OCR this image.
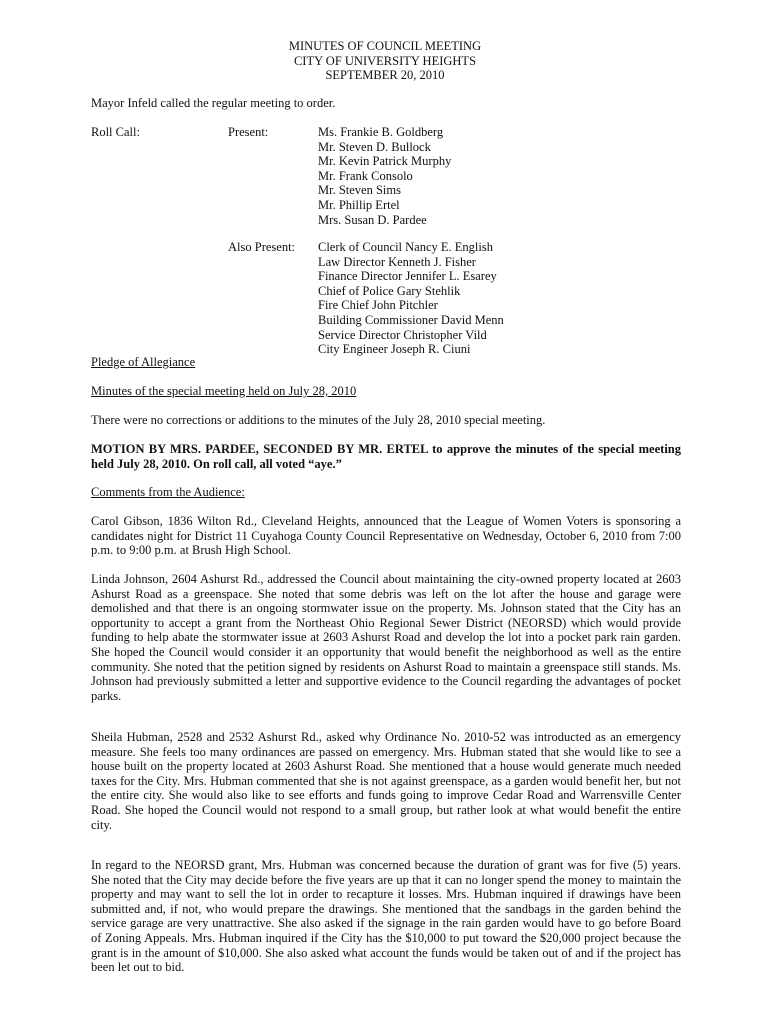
MINUTES OF COUNCIL MEETING
CITY OF UNIVERSITY HEIGHTS
SEPTEMBER 20, 2010
Mayor Infeld called the regular meeting to order.
Roll Call:	Present:	Ms. Frankie B. Goldberg
Mr. Steven D. Bullock
Mr. Kevin Patrick Murphy
Mr. Frank Consolo
Mr. Steven Sims
Mr. Phillip Ertel
Mrs. Susan D. Pardee
Also Present: Clerk of Council Nancy E. English
Law Director Kenneth J. Fisher
Finance Director Jennifer L. Esarey
Chief of Police Gary Stehlik
Fire Chief John Pitchler
Building Commissioner David Menn
Service Director Christopher Vild
City Engineer Joseph R. Ciuni
Pledge of Allegiance
Minutes of the special meeting held on July 28, 2010
There were no corrections or additions to the minutes of the July 28, 2010 special meeting.
MOTION BY MRS. PARDEE, SECONDED BY MR. ERTEL to approve the minutes of the special meeting held July 28, 2010. On roll call, all voted “aye.”
Comments from the Audience:
Carol Gibson, 1836 Wilton Rd., Cleveland Heights, announced that the League of Women Voters is sponsoring a candidates night for District 11 Cuyahoga County Council Representative on Wednesday, October 6, 2010 from 7:00 p.m. to 9:00 p.m. at Brush High School.
Linda Johnson, 2604 Ashurst Rd., addressed the Council about maintaining the city-owned property located at 2603 Ashurst Road as a greenspace. She noted that some debris was left on the lot after the house and garage were demolished and that there is an ongoing stormwater issue on the property. Ms. Johnson stated that the City has an opportunity to accept a grant from the Northeast Ohio Regional Sewer District (NEORSD) which would provide funding to help abate the stormwater issue at 2603 Ashurst Road and develop the lot into a pocket park rain garden. She hoped the Council would consider it an opportunity that would benefit the neighborhood as well as the entire community. She noted that the petition signed by residents on Ashurst Road to maintain a greenspace still stands. Ms. Johnson had previously submitted a letter and supportive evidence to the Council regarding the advantages of pocket parks.
Sheila Hubman, 2528 and 2532 Ashurst Rd., asked why Ordinance No. 2010-52 was introducted as an emergency measure. She feels too many ordinances are passed on emergency. Mrs. Hubman stated that she would like to see a house built on the property located at 2603 Ashurst Road. She mentioned that a house would generate much needed taxes for the City. Mrs. Hubman commented that she is not against greenspace, as a garden would benefit her, but not the entire city. She would also like to see efforts and funds going to improve Cedar Road and Warrensville Center Road. She hoped the Council would not respond to a small group, but rather look at what would benefit the entire city.
In regard to the NEORSD grant, Mrs. Hubman was concerned because the duration of grant was for five (5) years. She noted that the City may decide before the five years are up that it can no longer spend the money to maintain the property and may want to sell the lot in order to recapture it losses. Mrs. Hubman inquired if drawings have been submitted and, if not, who would prepare the drawings. She mentioned that the sandbags in the garden behind the service garage are very unattractive. She also asked if the signage in the rain garden would have to go before Board of Zoning Appeals. Mrs. Hubman inquired if the City has the $10,000 to put toward the $20,000 project because the grant is in the amount of $10,000. She also asked what account the funds would be taken out of and if the project has been let out to bid.
